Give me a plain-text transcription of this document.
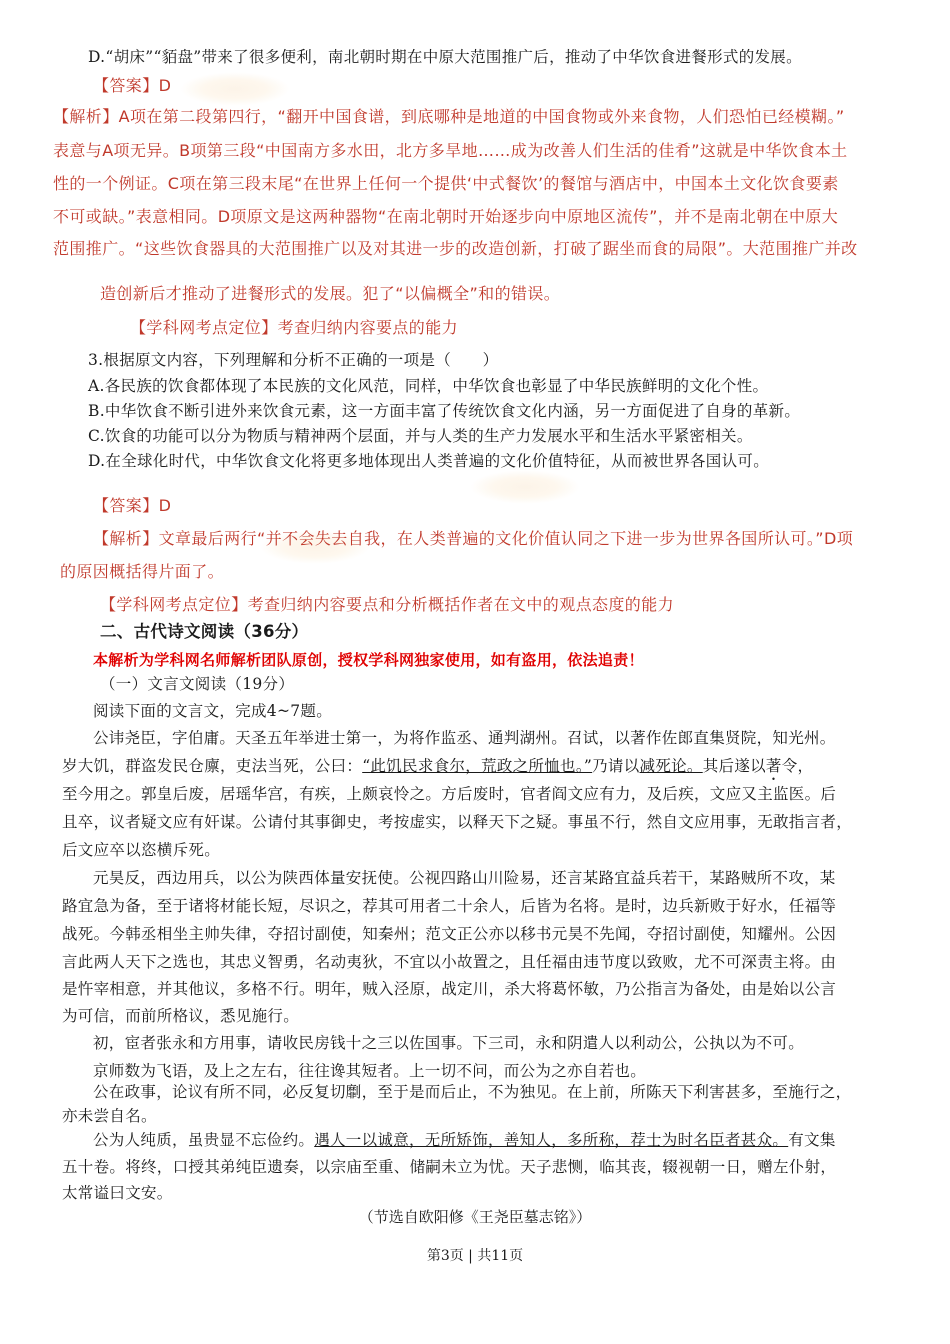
D.“胡床”“貊盘”带来了很多便利，南北朝时期在中原大范围推广后，推动了中华饮食进餐形式的发展。
【答案】D
【解析】A项在第二段第四行，“翻开中国食谱，到底哪种是地道的中国食物或外来食物，人们恐怕已经模糊。”
表意与A项无异。B项第三段“中国南方多水田，北方多旱地……成为改善人们生活的佳肴”这就是中华饮食本土
性的一个例证。C项在第三段末尾“在世界上任何一个提供‘中式餐饮’的餐馆与酒店中，中国本土文化饮食要素
不可或缺。”表意相同。D项原文是这两种器物“在南北朝时开始逐步向中原地区流传”，并不是南北朝在中原大
范围推广。“这些饮食器具的大范围推广以及对其进一步的改造创新，打破了踞坐而食的局限”。大范围推广并改
造创新后才推动了进餐形式的发展。犯了“以偏概全”和的错误。
【学科网考点定位】考查归纳内容要点的能力
3.根据原文内容，下列理解和分析不正确的一项是（　　）
A.各民族的饮食都体现了本民族的文化风范，同样，中华饮食也彰显了中华民族鲜明的文化个性。
B.中华饮食不断引进外来饮食元素，这一方面丰富了传统饮食文化内涵，另一方面促进了自身的革新。
C.饮食的功能可以分为物质与精神两个层面，并与人类的生产力发展水平和生活水平紧密相关。
D.在全球化时代，中华饮食文化将更多地体现出人类普遍的文化价值特征，从而被世界各国认可。
【答案】D
【解析】文章最后两行“并不会失去自我，在人类普遍的文化价值认同之下进一步为世界各国所认可。”D项
的原因概括得片面了。
【学科网考点定位】考查归纳内容要点和分析概括作者在文中的观点态度的能力
二、古代诗文阅读（36分）
本解析为学科网名师解析团队原创，授权学科网独家使用，如有盗用，依法追责！
（一）文言文阅读（19分）
阅读下面的文言文，完成4~7题。
公讳尧臣，字伯庸。天圣五年举进士第一，为将作监丞、通判湖州。召试，以著作佐郎直集贤院，知光州。
岁大饥，群盗发民仓廪，吏法当死，公曰：“此饥民求食尔，荒政之所恤也。”乃请以减死论。其后遂以著令，
至今用之。郭皇后废，居瑶华宫，有疾，上颇哀怜之。方后废时，官者阎文应有力，及后疾，文应又主监医。后
且卒，议者疑文应有奸谋。公请付其事御史，考按虚实，以释天下之疑。事虽不行，然自文应用事，无敢指言者，
后文应卒以恣横斥死。
元昊反，西边用兵，以公为陕西体量安抚使。公视四路山川险易，还言某路宜益兵若干，某路贼所不攻，某
路宜急为备，至于诸将材能长短，尽识之，荐其可用者二十余人，后皆为名将。是时，边兵新败于好水，任福等
战死。今韩丞相坐主帅失律，夺招讨副使，知秦州；范文正公亦以移书元昊不先闻，夺招讨副使，知耀州。公因
言此两人天下之选也，其忠义智勇，名动夷狄，不宜以小故置之，且任福由违节度以致败，尤不可深责主将。由
是忤宰相意，并其他议，多格不行。明年，贼入泾原，战定川，杀大将葛怀敏，乃公指言为备处，由是始以公言
为可信，而前所格议，悉见施行。
初，宦者张永和方用事，请收民房钱十之三以佐国事。下三司，永和阴遣人以利动公，公执以为不可。
京师数为飞语，及上之左右，往往谗其短者。上一切不问，而公为之亦自若也。
公在政事，论议有所不同，必反复切劘，至于是而后止，不为独见。在上前，所陈天下利害甚多，至施行之，
亦未尝自名。
公为人纯质，虽贵显不忘俭约。遇人一以诚意，无所矫饰，善知人，多所称，荐士为时名臣者甚众。有文集
五十卷。将终，口授其弟纯臣遗奏，以宗庙至重、储嗣未立为忧。天子悲恻，临其丧，辍视朝一日，赠左仆射，
太常谥曰文安。
（节选自欧阳修《王尧臣墓志铭》）
第3页 | 共11页
